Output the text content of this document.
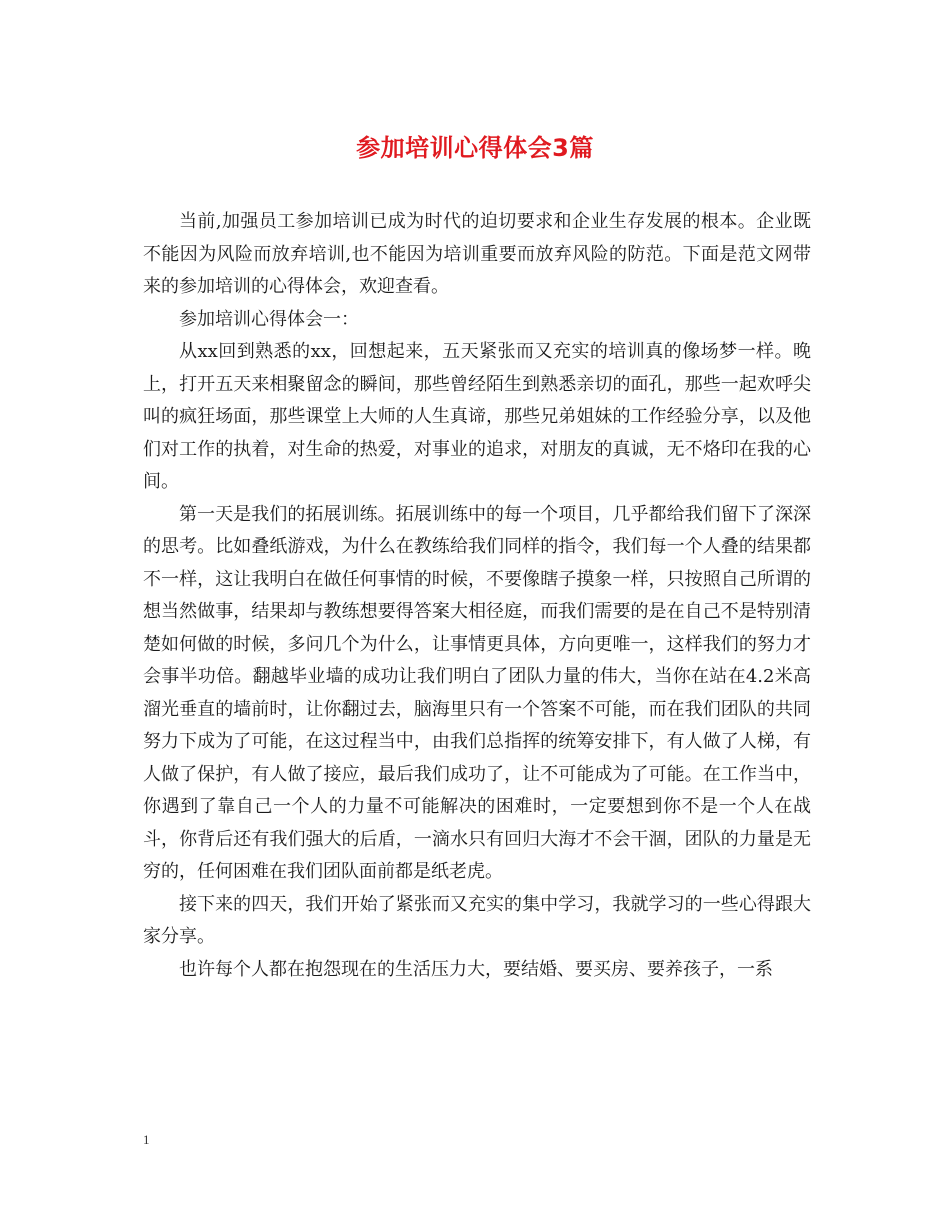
参加培训心得体会3篇

当前,加强员工参加培训已成为时代的迫切要求和企业生存发展的根本。企业既不能因为风险而放弃培训,也不能因为培训重要而放弃风险的防范。下面是范文网带来的参加培训的心得体会，欢迎查看。

参加培训心得体会一：

从xx回到熟悉的xx，回想起来，五天紧张而又充实的培训真的像场梦一样。晚上，打开五天来相聚留念的瞬间，那些曾经陌生到熟悉亲切的面孔，那些一起欢呼尖叫的疯狂场面，那些课堂上大师的人生真谛，那些兄弟姐妹的工作经验分享，以及他们对工作的执着，对生命的热爱，对事业的追求，对朋友的真诚，无不烙印在我的心间。

第一天是我们的拓展训练。拓展训练中的每一个项目，几乎都给我们留下了深深的思考。比如叠纸游戏，为什么在教练给我们同样的指令，我们每一个人叠的结果都不一样，这让我明白在做任何事情的时候，不要像瞎子摸象一样，只按照自己所谓的想当然做事，结果却与教练想要得答案大相径庭，而我们需要的是在自己不是特别清楚如何做的时候，多问几个为什么，让事情更具体，方向更唯一，这样我们的努力才会事半功倍。翻越毕业墙的成功让我们明白了团队力量的伟大，当你在站在4.2米高溜光垂直的墙前时，让你翻过去，脑海里只有一个答案不可能，而在我们团队的共同努力下成为了可能，在这过程当中，由我们总指挥的统筹安排下，有人做了人梯，有人做了保护，有人做了接应，最后我们成功了，让不可能成为了可能。在工作当中，你遇到了靠自己一个人的力量不可能解决的困难时，一定要想到你不是一个人在战斗，你背后还有我们强大的后盾，一滴水只有回归大海才不会干涸，团队的力量是无穷的，任何困难在我们团队面前都是纸老虎。

接下来的四天，我们开始了紧张而又充实的集中学习，我就学习的一些心得跟大家分享。

也许每个人都在抱怨现在的生活压力大，要结婚、要买房、要养孩子，一系

1
